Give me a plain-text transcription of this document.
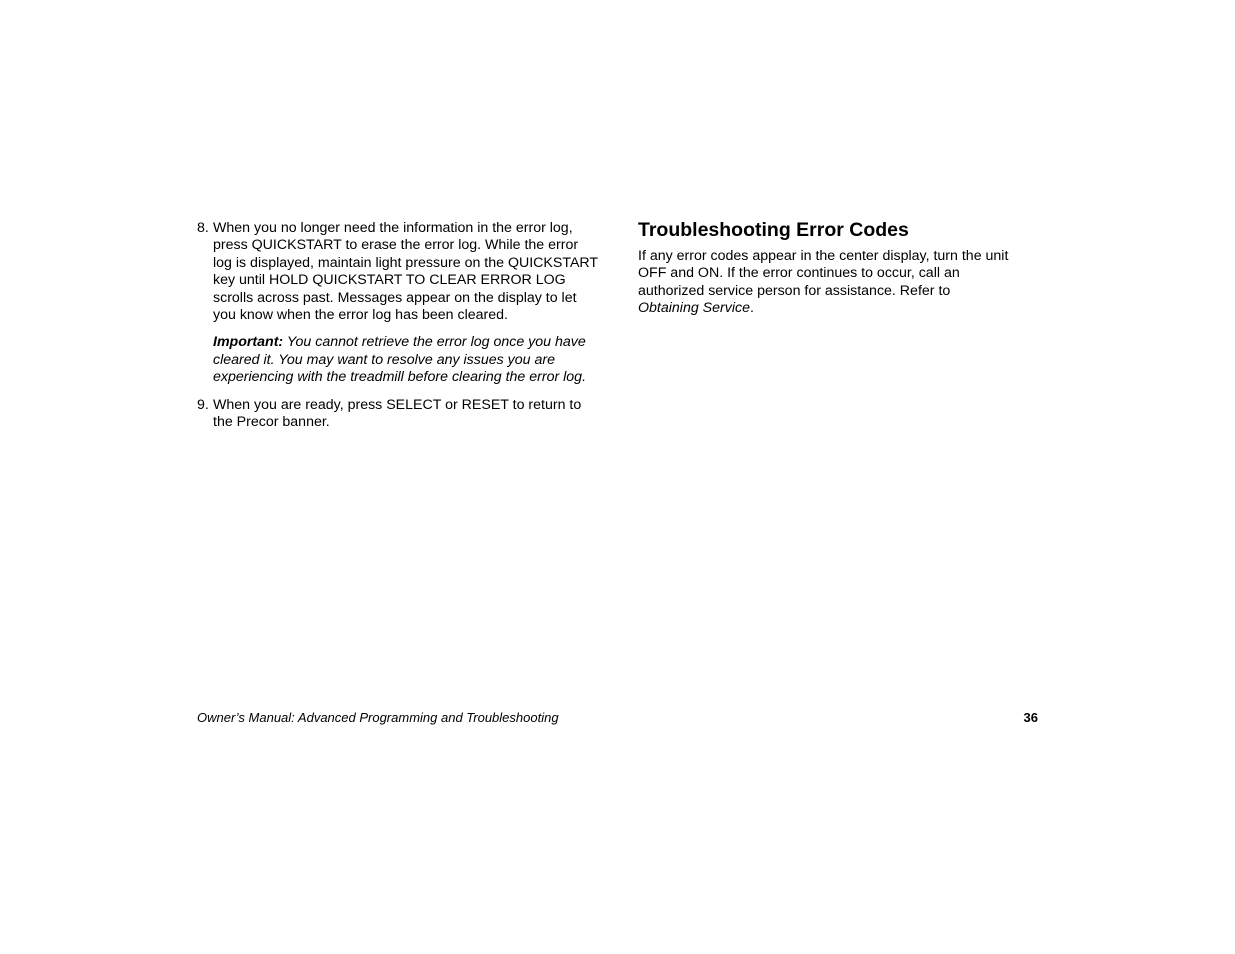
8. When you no longer need the information in the error log, press QUICKSTART to erase the error log. While the error log is displayed, maintain light pressure on the QUICKSTART key until HOLD QUICKSTART TO CLEAR ERROR LOG scrolls across past. Messages appear on the display to let you know when the error log has been cleared.

Important: You cannot retrieve the error log once you have cleared it. You may want to resolve any issues you are experiencing with the treadmill before clearing the error log.

9. When you are ready, press SELECT or RESET to return to the Precor banner.

Troubleshooting Error Codes

If any error codes appear in the center display, turn the unit OFF and ON. If the error continues to occur, call an authorized service person for assistance. Refer to Obtaining Service.

Owner’s Manual: Advanced Programming and Troubleshooting	36
